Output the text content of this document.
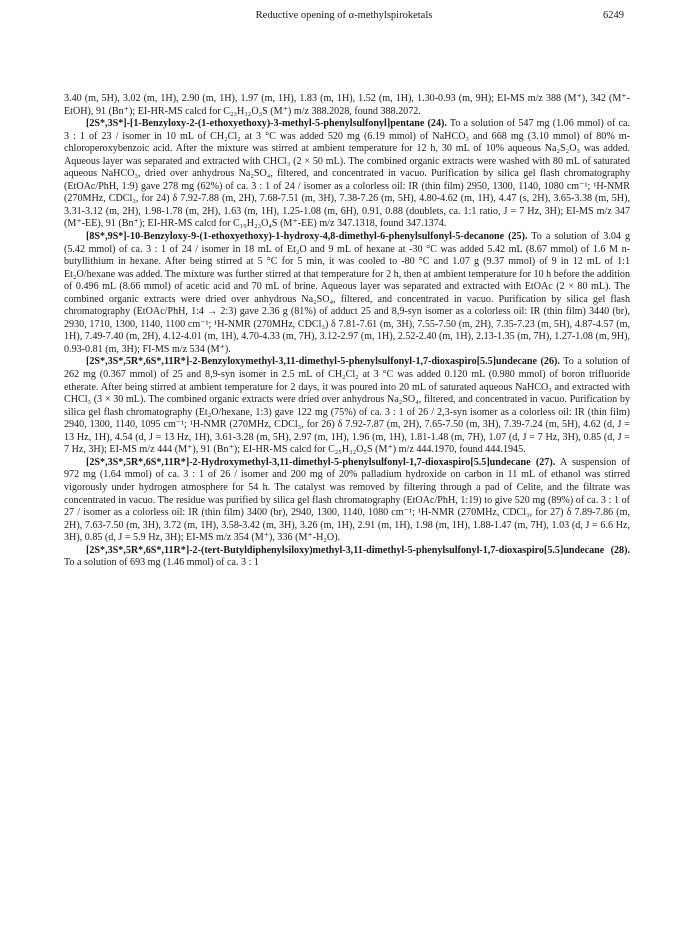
Reductive opening of α-methylspiroketals	6249

3.40 (m, 5H), 3.02 (m, 1H), 2.90 (m, 1H), 1.97 (m, 1H), 1.83 (m, 1H), 1.52 (m, 1H), 1.30-0.93 (m, 9H); EI-MS m/z 388 (M⁺), 342 (M⁺-EtOH), 91 (Bn⁺); EI-HR-MS calcd for C₂₃H₃₂O₃S (M⁺) m/z 388.2028, found 388.2072.

[2S*,3S*]-[1-Benzyloxy-2-(1-ethoxyethoxy)-3-methyl-5-phenylsulfonyl]pentane (24). To a solution of 547 mg (1.06 mmol) of ca. 3 : 1 of 23 / isomer in 10 mL of CH₂Cl₂ at 3 °C was added 520 mg (6.19 mmol) of NaHCO₃ and 668 mg (3.10 mmol) of 80% m-chloroperoxybenzoic acid. After the mixture was stirred at ambient temperature for 12 h, 30 mL of 10% aqueous Na₂S₂O₃ was added. Aqueous layer was separated and extracted with CHCl₃ (2 × 50 mL). The combined organic extracts were washed with 80 mL of saturated aqueous NaHCO₃, dried over anhydrous Na₂SO₄, filtered, and concentrated in vacuo. Purification by silica gel flash chromatography (EtOAc/PhH, 1:9) gave 278 mg (62%) of ca. 3 : 1 of 24 / isomer as a colorless oil: IR (thin film) 2950, 1300, 1140, 1080 cm⁻¹; ¹H-NMR (270MHz, CDCl₃, for 24) δ 7.92-7.88 (m, 2H), 7.68-7.51 (m, 3H), 7.38-7.26 (m, 5H), 4.80-4.62 (m, 1H), 4.47 (s, 2H), 3.65-3.38 (m, 5H), 3.31-3.12 (m, 2H), 1.98-1.78 (m, 2H), 1.63 (m, 1H), 1.25-1.08 (m, 6H), 0.91, 0.88 (doublets, ca. 1:1 ratio, J = 7 Hz, 3H); EI-MS m/z 347 (M⁺-EE), 91 (Bn⁺); EI-HR-MS calcd for C₁₉H₂₃O₄S (M⁺-EE) m/z 347.1318, found 347.1374.

[8S*,9S*]-10-Benzyloxy-9-(1-ethoxyethoxy)-1-hydroxy-4,8-dimethyl-6-phenylsulfonyl-5-decanone (25). To a solution of 3.04 g (5.42 mmol) of ca. 3 : 1 of 24 / isomer in 18 mL of Et₂O and 9 mL of hexane at -30 °C was added 5.42 mL (8.67 mmol) of 1.6 M n-butyllithium in hexane. After being stirred at 5 °C for 5 min, it was cooled to -80 °C and 1.07 g (9.37 mmol) of 9 in 12 mL of 1:1 Et₂O/hexane was added. The mixture was further stirred at that temperature for 2 h, then at ambient temperature for 10 h before the addition of 0.496 mL (8.66 mmol) of acetic acid and 70 mL of brine. Aqueous layer was separated and extracted with EtOAc (2 × 80 mL). The combined organic extracts were dried over anhydrous Na₂SO₄, filtered, and concentrated in vacuo. Purification by silica gel flash chromatography (EtOAc/PhH, 1:4 → 2:3) gave 2.36 g (81%) of adduct 25 and 8,9-syn isomer as a colorless oil: IR (thin film) 3440 (br), 2930, 1710, 1300, 1140, 1100 cm⁻¹; ¹H-NMR (270MHz, CDCl₃) δ 7.81-7.61 (m, 3H), 7.55-7.50 (m, 2H), 7.35-7.23 (m, 5H), 4.87-4.57 (m, 1H), 7.49-7.40 (m, 2H), 4.12-4.01 (m, 1H), 4.70-4.33 (m, 7H), 3.12-2.97 (m, 1H), 2.52-2.40 (m, 1H), 2.13-1.35 (m, 7H), 1.27-1.08 (m, 9H), 0.93-0.81 (m, 3H); FI-MS m/z 534 (M⁺).

[2S*,3S*,5R*,6S*,11R*]-2-Benzyloxymethyl-3,11-dimethyl-5-phenylsulfonyl-1,7-dioxaspiro[5.5]undecane (26). To a solution of 262 mg (0.367 mmol) of 25 and 8,9-syn isomer in 2.5 mL of CH₂Cl₂ at 3 °C was added 0.120 mL (0.980 mmol) of boron trifluoride etherate. After being stirred at ambient temperature for 2 days, it was poured into 20 mL of saturated aqueous NaHCO₃ and extracted with CHCl₃ (3 × 30 mL). The combined organic extracts were dried over anhydrous Na₂SO₄, filtered, and concentrated in vacuo. Purification by silica gel flash chromatography (Et₂O/hexane, 1:3) gave 122 mg (75%) of ca. 3 : 1 of 26 / 2,3-syn isomer as a colorless oil: IR (thin film) 2940, 1300, 1140, 1095 cm⁻¹; ¹H-NMR (270MHz, CDCl₃, for 26) δ 7.92-7.87 (m, 2H), 7.65-7.50 (m, 3H), 7.39-7.24 (m, 5H), 4.62 (d, J = 13 Hz, 1H), 4.54 (d, J = 13 Hz, 1H), 3.61-3.28 (m, 5H), 2.97 (m, 1H), 1.96 (m, 1H), 1.81-1.48 (m, 7H), 1.07 (d, J = 7 Hz, 3H), 0.85 (d, J = 7 Hz, 3H); EI-MS m/z 444 (M⁺), 91 (Bn⁺); EI-HR-MS calcd for C₂₅H₃₂O₅S (M⁺) m/z 444.1970, found 444.1945.

[2S*,3S*,5R*,6S*,11R*]-2-Hydroxymethyl-3,11-dimethyl-5-phenylsulfonyl-1,7-dioxaspiro[5.5]undecane (27). A suspension of 972 mg (1.64 mmol) of ca. 3 : 1 of 26 / isomer and 200 mg of 20% palladium hydroxide on carbon in 11 mL of ethanol was stirred vigorously under hydrogen atmosphere for 54 h. The catalyst was removed by filtering through a pad of Celite, and the filtrate was concentrated in vacuo. The residue was purified by silica gel flash chromatography (EtOAc/PhH, 1:19) to give 520 mg (89%) of ca. 3 : 1 of 27 / isomer as a colorless oil: IR (thin film) 3400 (br), 2940, 1300, 1140, 1080 cm⁻¹; ¹H-NMR (270MHz, CDCl₃, for 27) δ 7.89-7.86 (m, 2H), 7.63-7.50 (m, 3H), 3.72 (m, 1H), 3.58-3.42 (m, 3H), 3.26 (m, 1H), 2.91 (m, 1H), 1.98 (m, 1H), 1.88-1.47 (m, 7H), 1.03 (d, J = 6.6 Hz, 3H), 0.85 (d, J = 5.9 Hz, 3H); EI-MS m/z 354 (M⁺), 336 (M⁺-H₂O).

[2S*,3S*,5R*,6S*,11R*]-2-(tert-Butyldiphenylsiloxy)methyl-3,11-dimethyl-5-phenylsulfonyl-1,7-dioxaspiro[5.5]undecane (28). To a solution of 693 mg (1.46 mmol) of ca. 3 : 1
